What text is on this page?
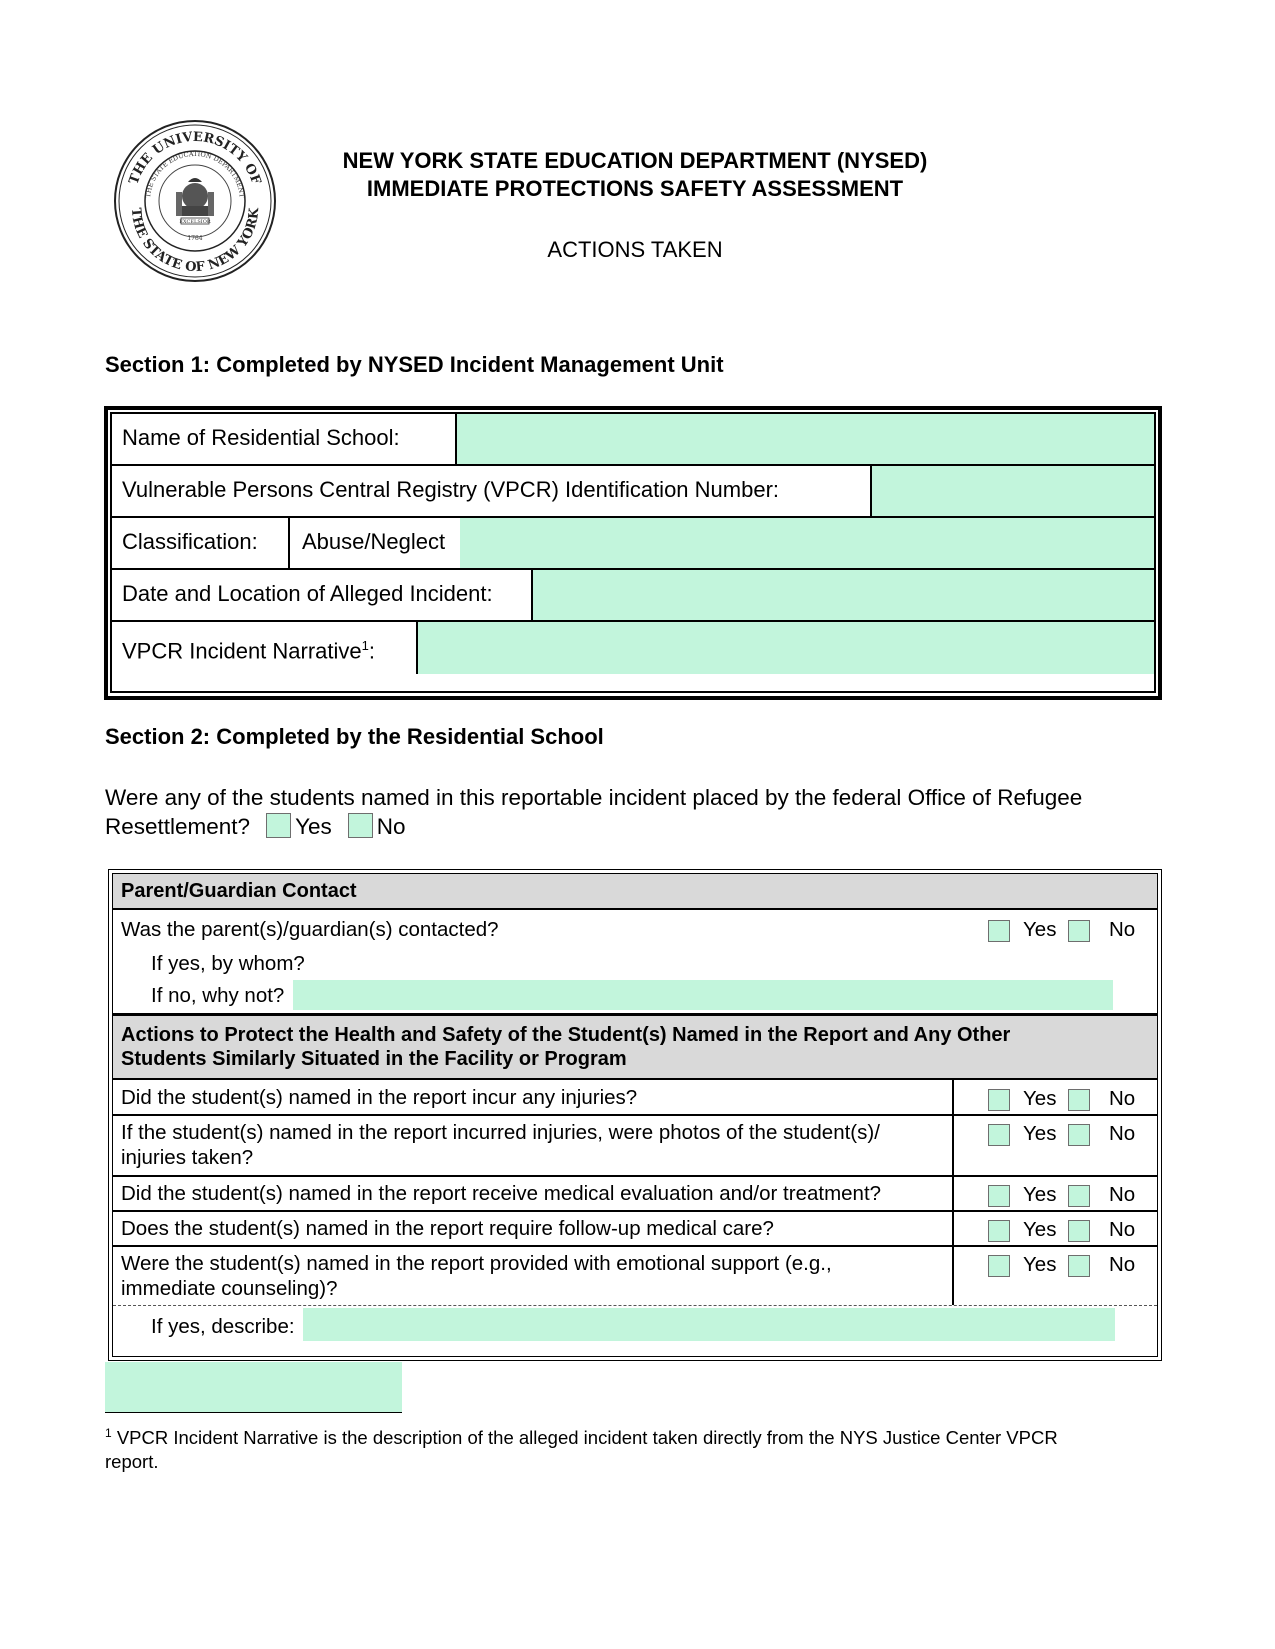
THE UNIVERSITY OF
THE STATE OF NEW YORK
THE STATE EDUCATION DEPARTMENT
EXCELSIOR
1784
NEW YORK STATE EDUCATION DEPARTMENT (NYSED)
IMMEDIATE PROTECTIONS SAFETY ASSESSMENT
ACTIONS TAKEN
Section 1: Completed by NYSED Incident Management Unit
Name of Residential School:
Vulnerable Persons Central Registry (VPCR) Identification Number:
Classification:	Abuse/Neglect
Date and Location of Alleged Incident:
VPCR Incident Narrative$^1$:
Section 2: Completed by the Residential School
Were any of the students named in this reportable incident placed by the federal Office of Refugee
Resettlement? Yes No
Parent/Guardian Contact
Was the parent(s)/guardian(s) contacted?	Yes	No
If yes, by whom?
If no, why not?
Actions to Protect the Health and Safety of the Student(s) Named in the Report and Any Other
Students Similarly Situated in the Facility or Program
Did the student(s) named in the report incur any injuries?	Yes	No
If the student(s) named in the report incurred injuries, were photos of the student(s)/
injuries taken?
Yes	No
Did the student(s) named in the report receive medical evaluation and/or treatment?	Yes	No
Does the student(s) named in the report require follow-up medical care?	Yes	No
Were the student(s) named in the report provided with emotional support (e.g.,
immediate counseling)?
Yes	No
If yes, describe:
$^1$ VPCR Incident Narrative is the description of the alleged incident taken directly from the NYS Justice Center VPCR
report.
